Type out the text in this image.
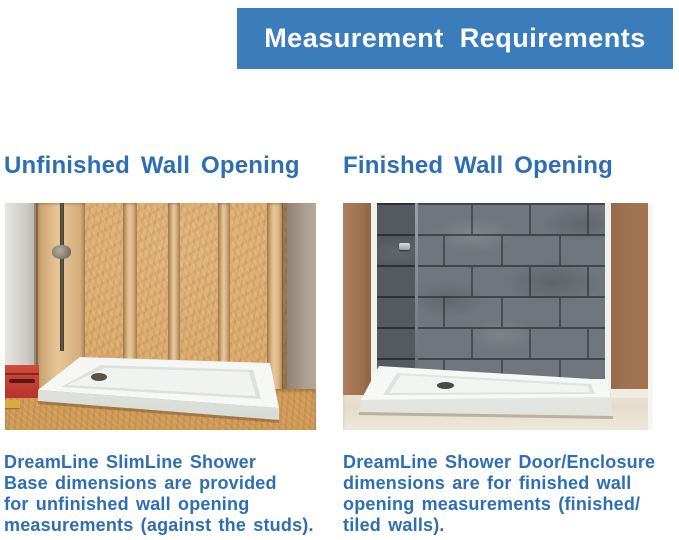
Measurement Requirements
Unfinished Wall Opening Finished Wall Opening
DreamLine SlimLine Shower
Base dimensions are provided
for unfinished wall opening
measurements (against the studs).
DreamLine Shower Door/Enclosure
dimensions are for finished wall
opening measurements (finished/
tiled walls).
